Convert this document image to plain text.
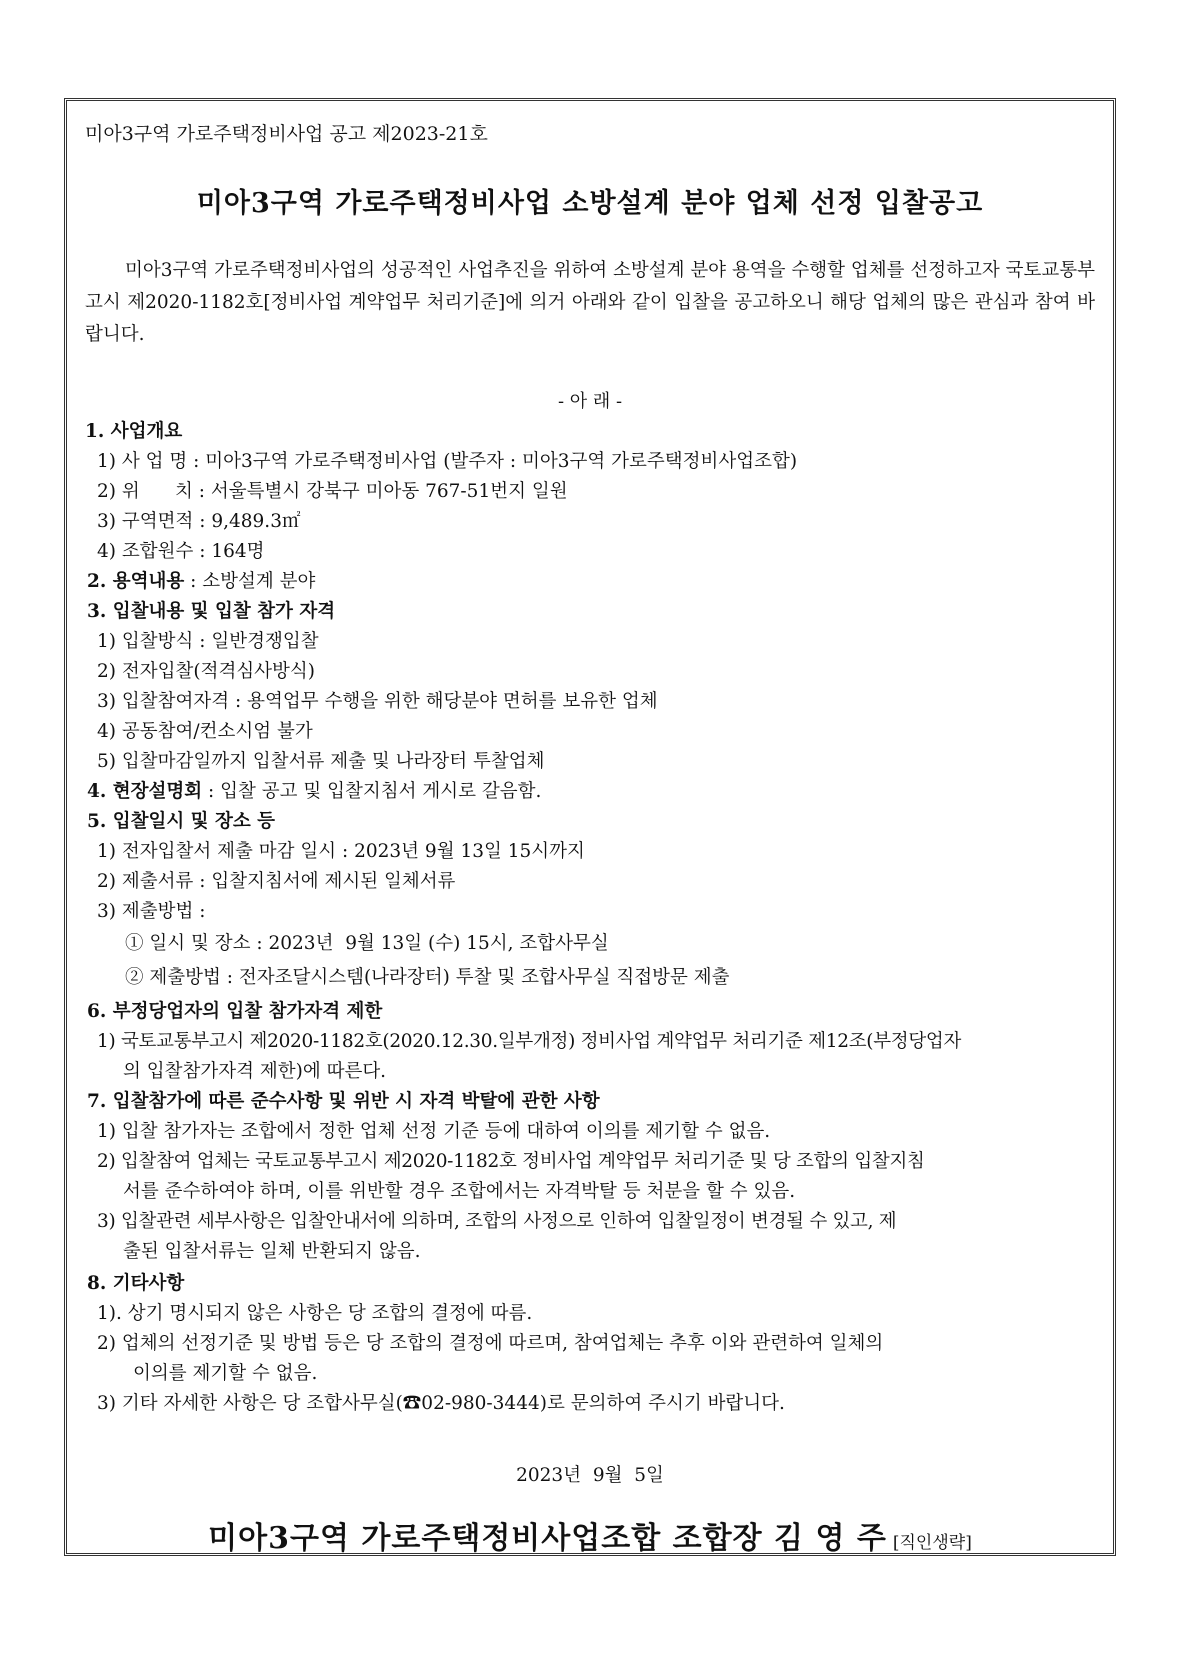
미아3구역 가로주택정비사업 공고 제2023-21호
미아3구역 가로주택정비사업 소방설계 분야 업체 선정 입찰공고
미아3구역 가로주택정비사업의 성공적인 사업추진을 위하여 소방설계 분야 용역을 수행할 업체를 선정하고자 국토교통부 고시 제2020-1182호[정비사업 계약업무 처리기준]에 의거 아래와 같이 입찰을 공고하오니 해당 업체의 많은 관심과 참여 바랍니다.
- 아 래 -
1. 사업개요
1) 사 업 명 : 미아3구역 가로주택정비사업 (발주자 : 미아3구역 가로주택정비사업조합)
2) 위      치 : 서울특별시 강북구 미아동 767-51번지 일원
3) 구역면적 : 9,489.3㎡
4) 조합원수 : 164명
2. 용역내용 : 소방설계 분야
3. 입찰내용 및 입찰 참가 자격
1) 입찰방식 : 일반경쟁입찰
2) 전자입찰(적격심사방식)
3) 입찰참여자격 : 용역업무 수행을 위한 해당분야 면허를 보유한 업체
4) 공동참여/컨소시엄 불가
5) 입찰마감일까지 입찰서류 제출 및 나라장터 투찰업체
4. 현장설명회 : 입찰 공고 및 입찰지침서 게시로 갈음함.
5. 입찰일시 및 장소 등
1) 전자입찰서 제출 마감 일시 : 2023년 9월 13일 15시까지
2) 제출서류 : 입찰지침서에 제시된 일체서류
3) 제출방법 :
① 일시 및 장소 : 2023년  9월 13일 (수) 15시, 조합사무실
② 제출방법 : 전자조달시스템(나라장터) 투찰 및 조합사무실 직접방문 제출
6. 부정당업자의 입찰 참가자격 제한
1) 국토교통부고시 제2020-1182호(2020.12.30.일부개정) 정비사업 계약업무 처리기준 제12조(부정당업자
의 입찰참가자격 제한)에 따른다.
7. 입찰참가에 따른 준수사항 및 위반 시 자격 박탈에 관한 사항
1) 입찰 참가자는 조합에서 정한 업체 선정 기준 등에 대하여 이의를 제기할 수 없음.
2) 입찰참여 업체는 국토교통부고시 제2020-1182호 정비사업 계약업무 처리기준 및 당 조합의 입찰지침
서를 준수하여야 하며, 이를 위반할 경우 조합에서는 자격박탈 등 처분을 할 수 있음.
3) 입찰관련 세부사항은 입찰안내서에 의하며, 조합의 사정으로 인하여 입찰일정이 변경될 수 있고, 제
출된 입찰서류는 일체 반환되지 않음.
8. 기타사항
1). 상기 명시되지 않은 사항은 당 조합의 결정에 따름.
2) 업체의 선정기준 및 방법 등은 당 조합의 결정에 따르며, 참여업체는 추후 이와 관련하여 일체의
이의를 제기할 수 없음.
3) 기타 자세한 사항은 당 조합사무실(☎02-980-3444)로 문의하여 주시기 바랍니다.
2023년  9월  5일
미아3구역 가로주택정비사업조합 조합장 김 영 주 [직인생략]
